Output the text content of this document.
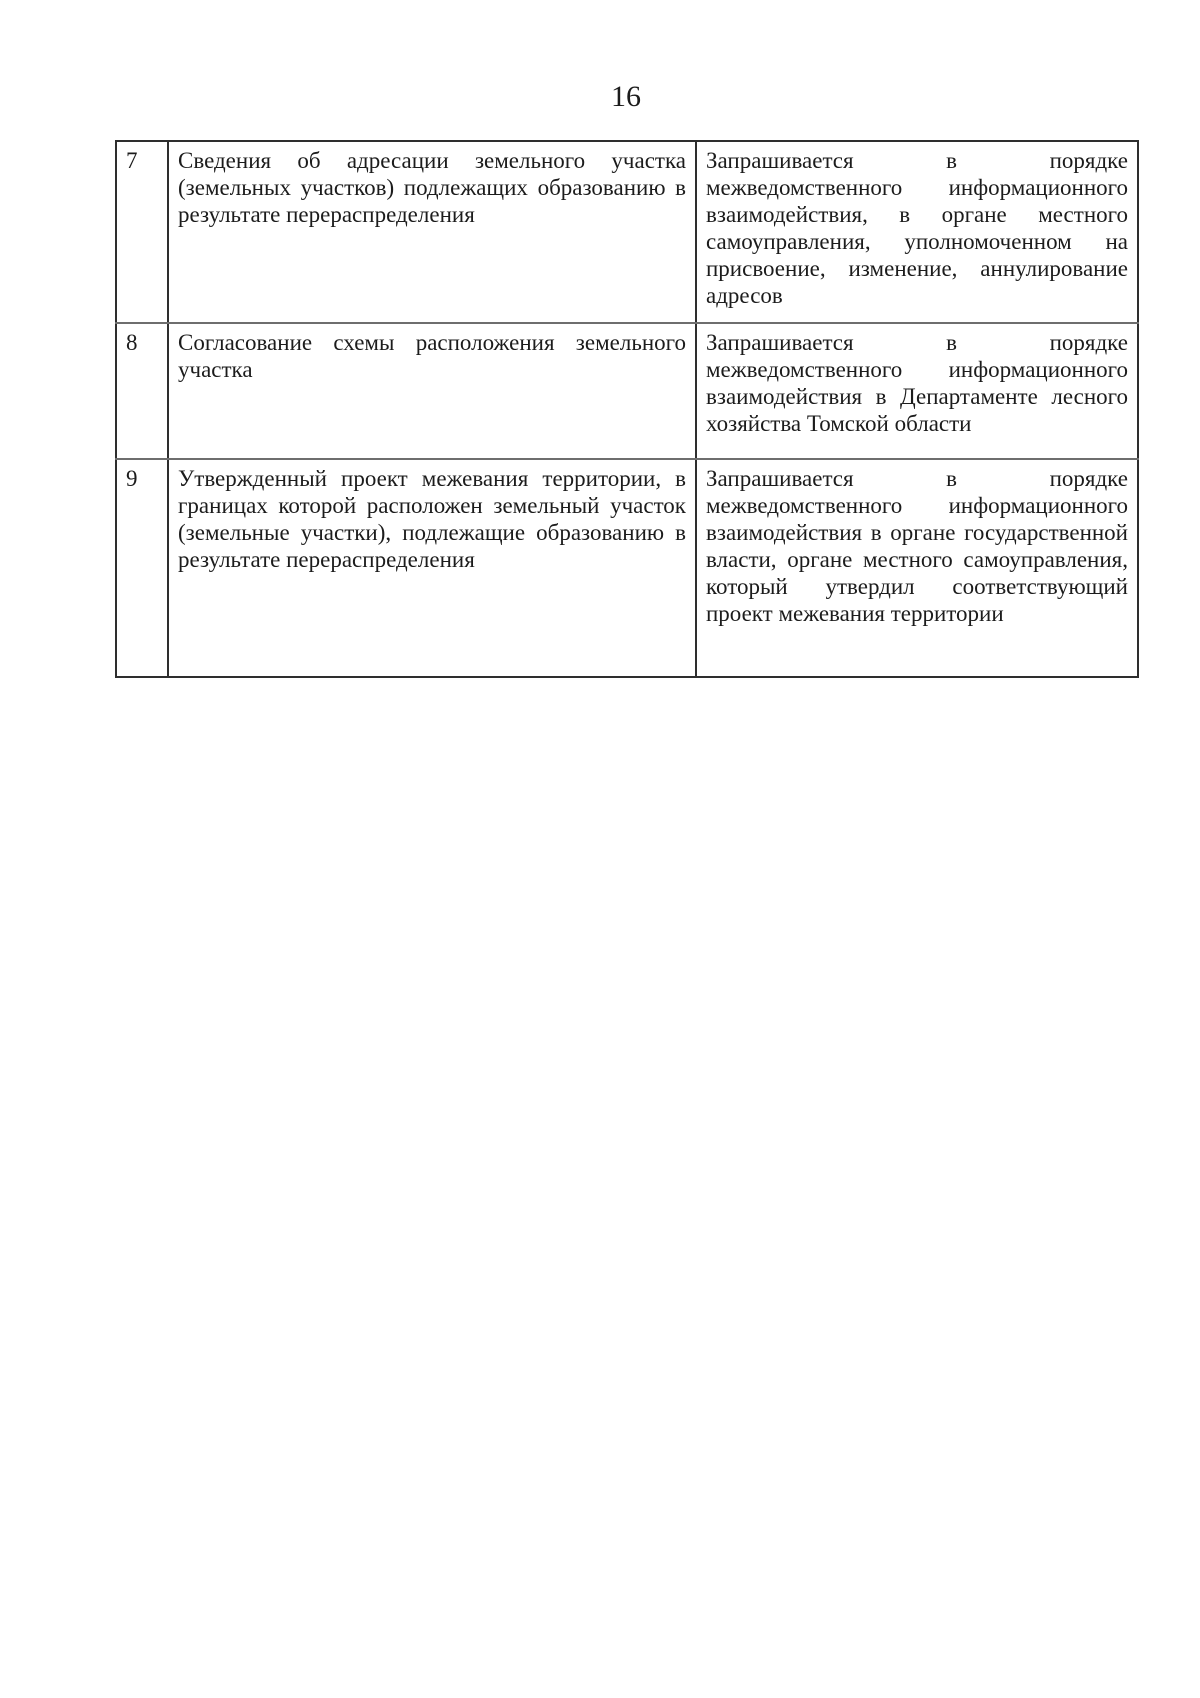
16
7	Сведения об адресации земельного участка (земельных участков) подлежащих образованию в результате перераспределения	Запрашивается в порядке межведомственного информационного взаимодействия, в органе местного самоуправления, уполномоченном на присвоение, изменение, аннулирование адресов
8	Согласование схемы расположения земельного участка	Запрашивается в порядке межведомственного информационного взаимодействия в Департаменте лесного хозяйства Томской области
9	Утвержденный проект межевания территории, в границах которой расположен земельный участок (земельные участки), подлежащие образованию в результате перераспределения	Запрашивается в порядке межведомственного информационного взаимодействия в органе государственной власти, органе местного самоуправления, который утвердил соответствующий проект межевания территории
